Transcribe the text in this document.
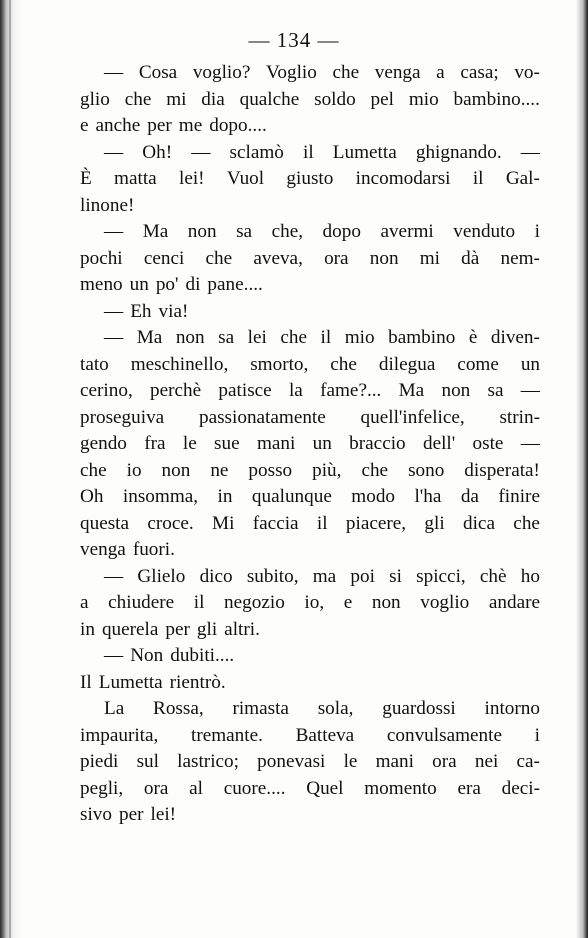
— 134 —
— Cosa voglio? Voglio che venga a casa; vo-
glio che mi dia qualche soldo pel mio bambino....
e anche per me dopo....
— Oh! — sclamò il Lumetta ghignando. —
È matta lei! Vuol giusto incomodarsi il Gal-
linone!
— Ma non sa che, dopo avermi venduto i
pochi cenci che aveva, ora non mi dà nem-
meno un po' di pane....
— Eh via!
— Ma non sa lei che il mio bambino è diven-
tato meschinello, smorto, che dilegua come un
cerino, perchè patisce la fame?... Ma non sa —
proseguiva passionatamente quell'infelice, strin-
gendo fra le sue mani un braccio dell' oste —
che io non ne posso più, che sono disperata!
Oh insomma, in qualunque modo l'ha da finire
questa croce. Mi faccia il piacere, gli dica che
venga fuori.
— Glielo dico subito, ma poi si spicci, chè ho
a chiudere il negozio io, e non voglio andare
in querela per gli altri.
— Non dubiti....
Il Lumetta rientrò.
La Rossa, rimasta sola, guardossi intorno
impaurita, tremante. Batteva convulsamente i
piedi sul lastrico; ponevasi le mani ora nei ca-
pegli, ora al cuore.... Quel momento era deci-
sivo per lei!
